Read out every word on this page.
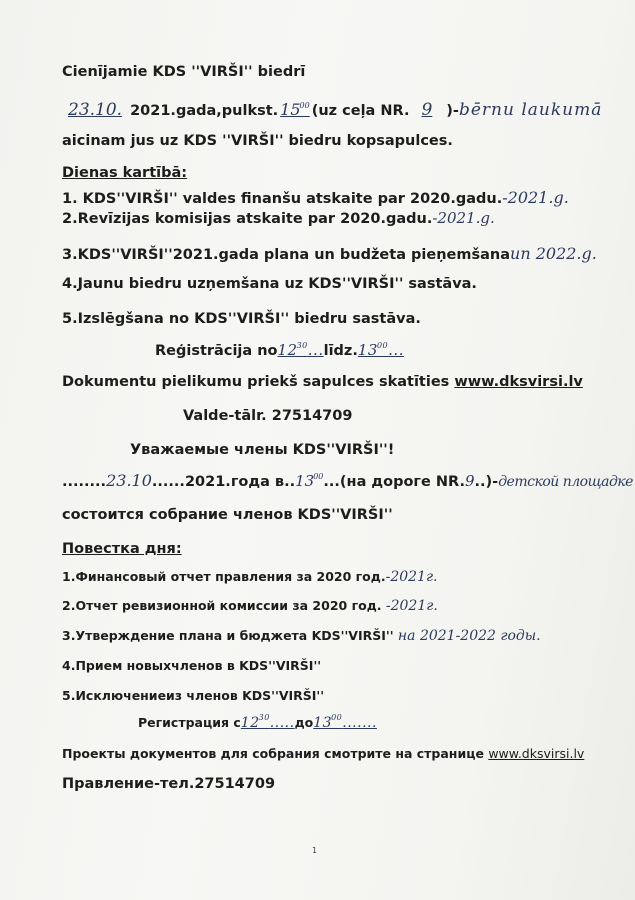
Cienījamie KDS ''VIRŠI'' biedrī
23.10. 2021.gada,pulkst. $15^{00}$ (uz ceļa NR. 9 )-bērnu laukumā
aicinam jus uz KDS ''VIRŠI'' biedru kopsapulces.
Dienas kartībā:
1. KDS''VIRŠI'' valdes finanšu atskaite par 2020.gadu.-2021.g.
2.Revīzijas komisijas atskaite par 2020.gadu.-2021.g.
3.KDS''VIRŠI''2021.gada plana un budžeta pieņemšanaun 2022.g.
4.Jaunu biedru uzņemšana uz KDS''VIRŠI'' sastāva.
5.Izslēgšana no KDS''VIRŠI'' biedru sastāva.
Reģistrācija $no12^{30}...līdz.13^{00}$...
Dokumentu pielikumu priekš sapulces skatīties www.dksvirsi.lv
Valde-tālr. 27514709
Уважаемые члены KDS''VIRŠI''!
........23.10......2021.года в..13$^{00}$...(на дороге NR.9..)-детской площадке
состоится собрание членов KDS''VIRŠI''
Повестка дня:
1.Финансовый отчет правления за 2020 год.-2021г.
2.Отчет ревизионной комиссии за 2020 год. -2021г.
3.Утверждение плана и бюджета KDS''VIRŠI'' на 2021-2022 годы.
4.Прием новыхчленов в KDS''VIRŠI''
5.Исключениеиз членов KDS''VIRŠI''
Регистрация $с12^{30}.....до13^{00}$.......
Проекты документов для собрания смотрите на странице www.dksvirsi.lv
Правление-тел.27514709
1
